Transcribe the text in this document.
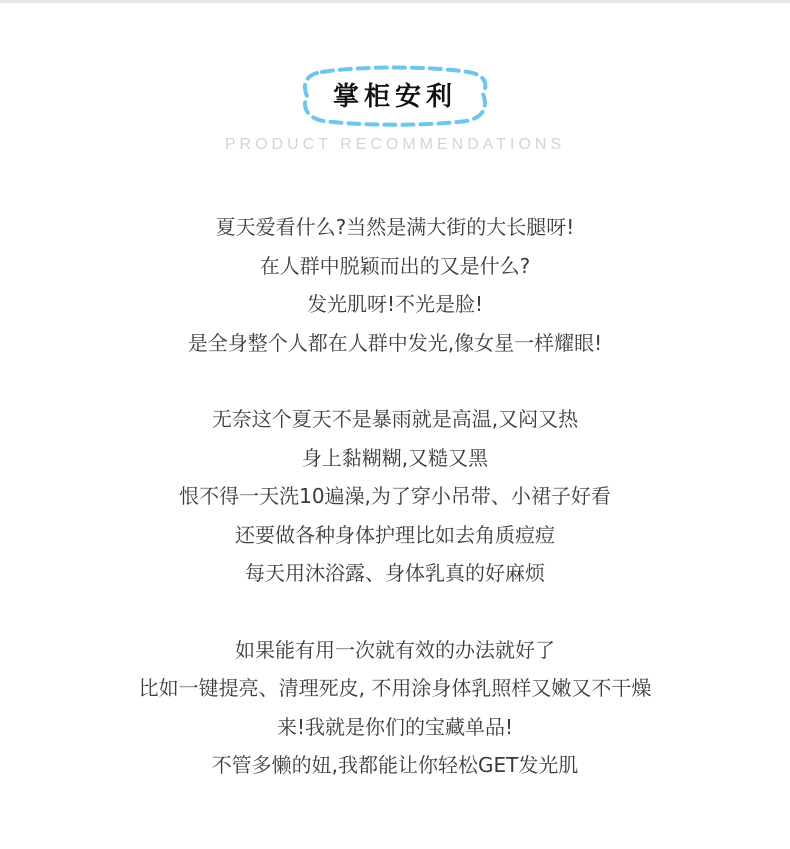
掌柜安利
PRODUCT RECOMMENDATIONS
夏天爱看什么?当然是满大街的大长腿呀!
在人群中脱颖而出的又是什么?
发光肌呀!不光是脸!
是全身整个人都在人群中发光,像女星一样耀眼!
无奈这个夏天不是暴雨就是高温,又闷又热
身上黏糊糊,又糙又黑
恨不得一天洗10遍澡,为了穿小吊带、小裙子好看
还要做各种身体护理比如去角质痘痘
每天用沐浴露、身体乳真的好麻烦
如果能有用一次就有效的办法就好了
比如一键提亮、清理死皮, 不用涂身体乳照样又嫩又不干燥
来!我就是你们的宝藏单品!
不管多懒的妞,我都能让你轻松GET发光肌
